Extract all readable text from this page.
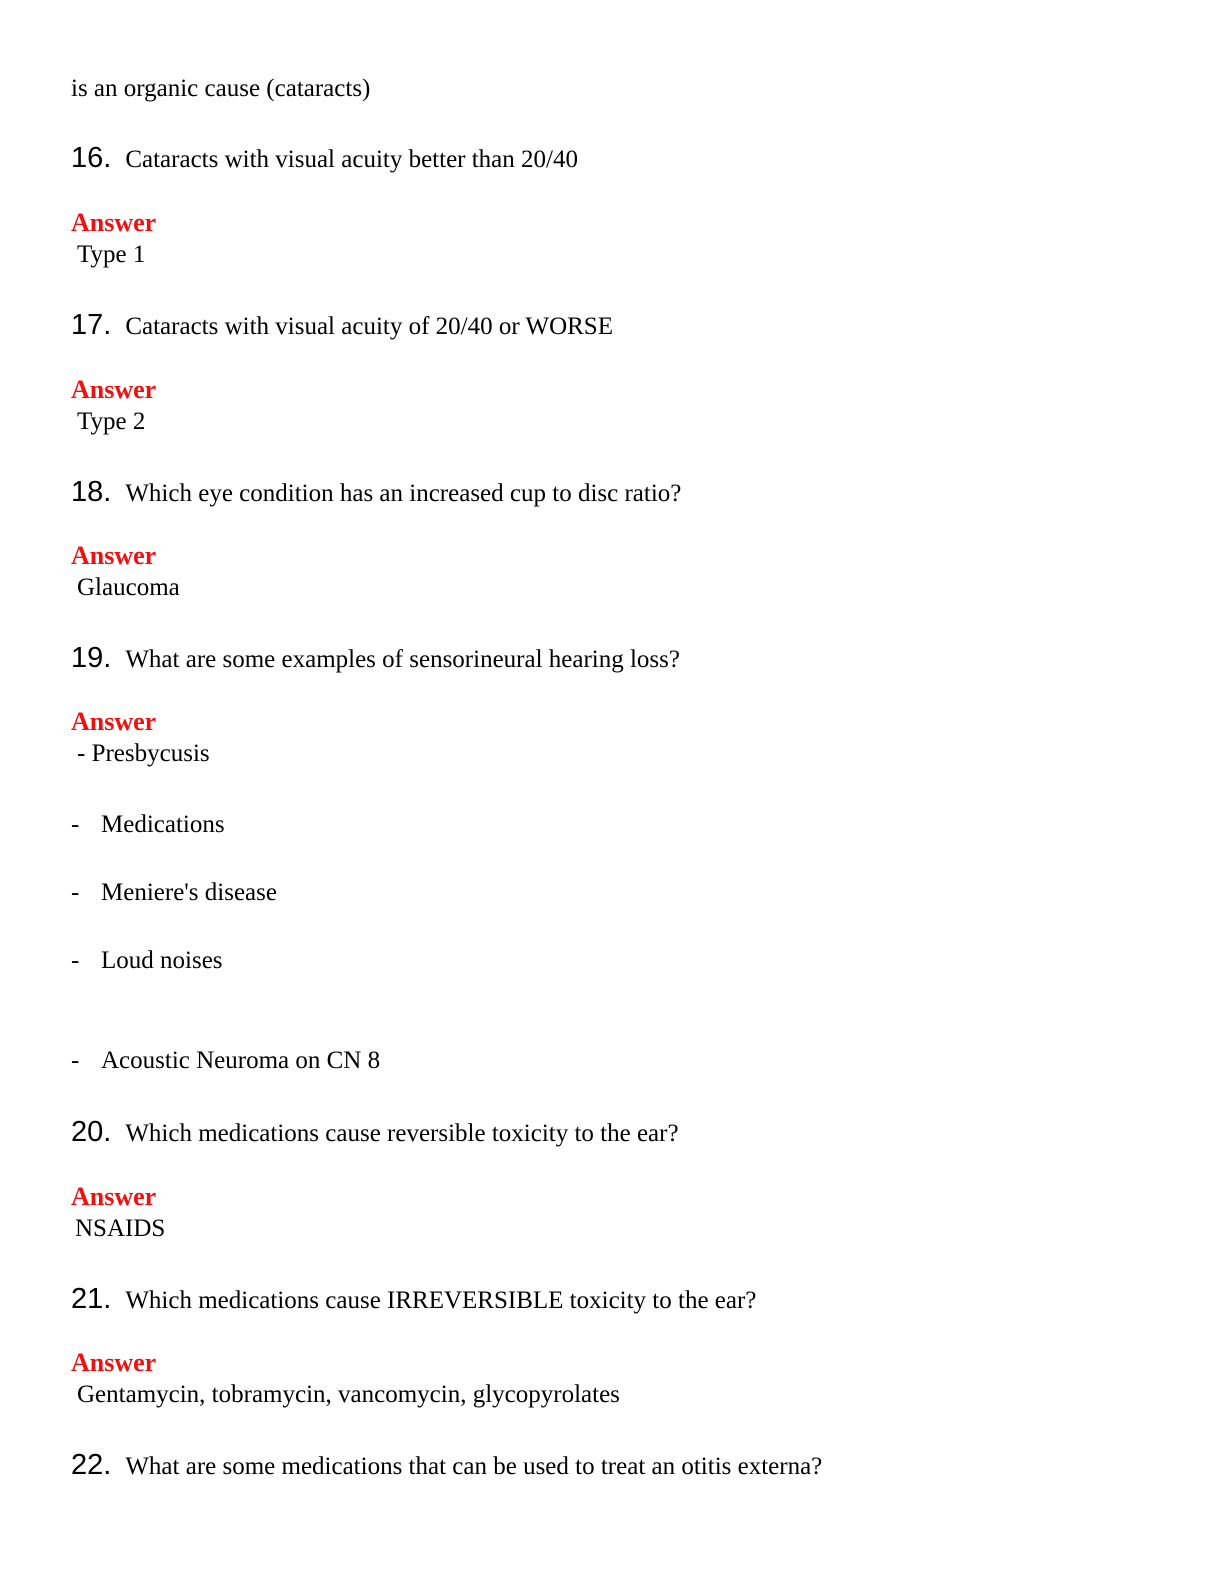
is an organic cause (cataracts)
16. Cataracts with visual acuity better than 20/40
Answer
Type 1
17. Cataracts with visual acuity of 20/40 or WORSE
Answer
Type 2
18. Which eye condition has an increased cup to disc ratio?
Answer
Glaucoma
19. What are some examples of sensorineural hearing loss?
Answer
- Presbycusis
- Medications
- Meniere's disease
- Loud noises
- Acoustic Neuroma on CN 8
20. Which medications cause reversible toxicity to the ear?
Answer
NSAIDS
21. Which medications cause IRREVERSIBLE toxicity to the ear?
Answer
Gentamycin, tobramycin, vancomycin, glycopyrolates
22. What are some medications that can be used to treat an otitis externa?
